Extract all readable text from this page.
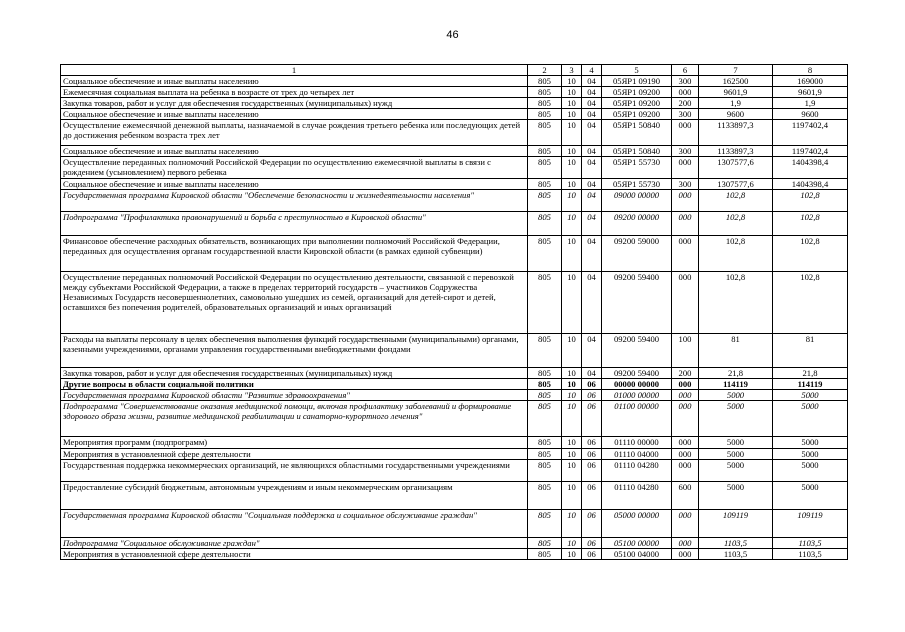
46
1	2	3	4	5	6	7	8
Социальное обеспечение и иные выплаты населению	805	10	04	05ЯР1 09190	300	162500	169000
Ежемесячная социальная выплата на ребенка в возрасте от трех до четырех лет	805	10	04	05ЯР1 09200	000	9601,9	9601,9
Закупка товаров, работ и услуг для обеспечения государственных (муниципальных) нужд	805	10	04	05ЯР1 09200	200	1,9	1,9
Социальное обеспечение и иные выплаты населению	805	10	04	05ЯР1 09200	300	9600	9600
Осуществление ежемесячной денежной выплаты, назначаемой в случае рождения третьего ребенка или последующих детей до достижения ребенком возраста трех лет	805	10	04	05ЯР1 50840	000	1133897,3	1197402,4
Социальное обеспечение и иные выплаты населению	805	10	04	05ЯР1 50840	300	1133897,3	1197402,4
Осуществление переданных полномочий Российской Федерации по осуществлению ежемесячной выплаты в связи с рождением (усыновлением) первого ребенка	805	10	04	05ЯР1 55730	000	1307577,6	1404398,4
Социальное обеспечение и иные выплаты населению	805	10	04	05ЯР1 55730	300	1307577,6	1404398,4
Государственная программа Кировской области "Обеспечение безопасности и жизнедеятельности населения"	805	10	04	09000 00000	000	102,8	102,8
Подпрограмма "Профилактика правонарушений и борьба с преступностью в Кировской области"	805	10	04	09200 00000	000	102,8	102,8
Финансовое обеспечение расходных обязательств, возникающих при выполнении полномочий Российской Федерации, переданных для осуществления органам государственной власти Кировской области (в рамках единой субвенции)	805	10	04	09200 59000	000	102,8	102,8
Осуществление переданных полномочий Российской Федерации по осуществлению деятельности, связанной с перевозкой между субъектами Российской Федерации, а также в пределах территорий государств – участников Содружества Независимых Государств несовершеннолетних, самовольно ушедших из семей, организаций для детей-сирот и детей, оставшихся без попечения родителей, образовательных организаций и иных организаций	805	10	04	09200 59400	000	102,8	102,8
Расходы на выплаты персоналу в целях обеспечения выполнения функций государственными (муниципальными) органами, казенными учреждениями, органами управления государственными внебюджетными фондами	805	10	04	09200 59400	100	81	81
Закупка товаров, работ и услуг для обеспечения государственных (муниципальных) нужд	805	10	04	09200 59400	200	21,8	21,8
Другие вопросы в области социальной политики	805	10	06	00000 00000	000	114119	114119
Государственная программа Кировской области "Развитие здравоохранения"	805	10	06	01000 00000	000	5000	5000
Подпрограмма "Совершенствование оказания медицинской помощи, включая профилактику заболеваний и формирование здорового образа жизни, развитие медицинской реабилитации и санаторно-курортного лечения"	805	10	06	01100 00000	000	5000	5000
Мероприятия программ (подпрограмм)	805	10	06	01110 00000	000	5000	5000
Мероприятия в установленной сфере деятельности	805	10	06	01110 04000	000	5000	5000
Государственная поддержка некоммерческих организаций, не являющихся областными государственными учреждениями	805	10	06	01110 04280	000	5000	5000
Предоставление субсидий бюджетным, автономным учреждениям и иным некоммерческим организациям	805	10	06	01110 04280	600	5000	5000
Государственная программа Кировской области "Социальная поддержка и социальное обслуживание граждан"	805	10	06	05000 00000	000	109119	109119
Подпрограмма "Социальное обслуживание граждан"	805	10	06	05100 00000	000	1103,5	1103,5
Мероприятия в установленной сфере деятельности	805	10	06	05100 04000	000	1103,5	1103,5
